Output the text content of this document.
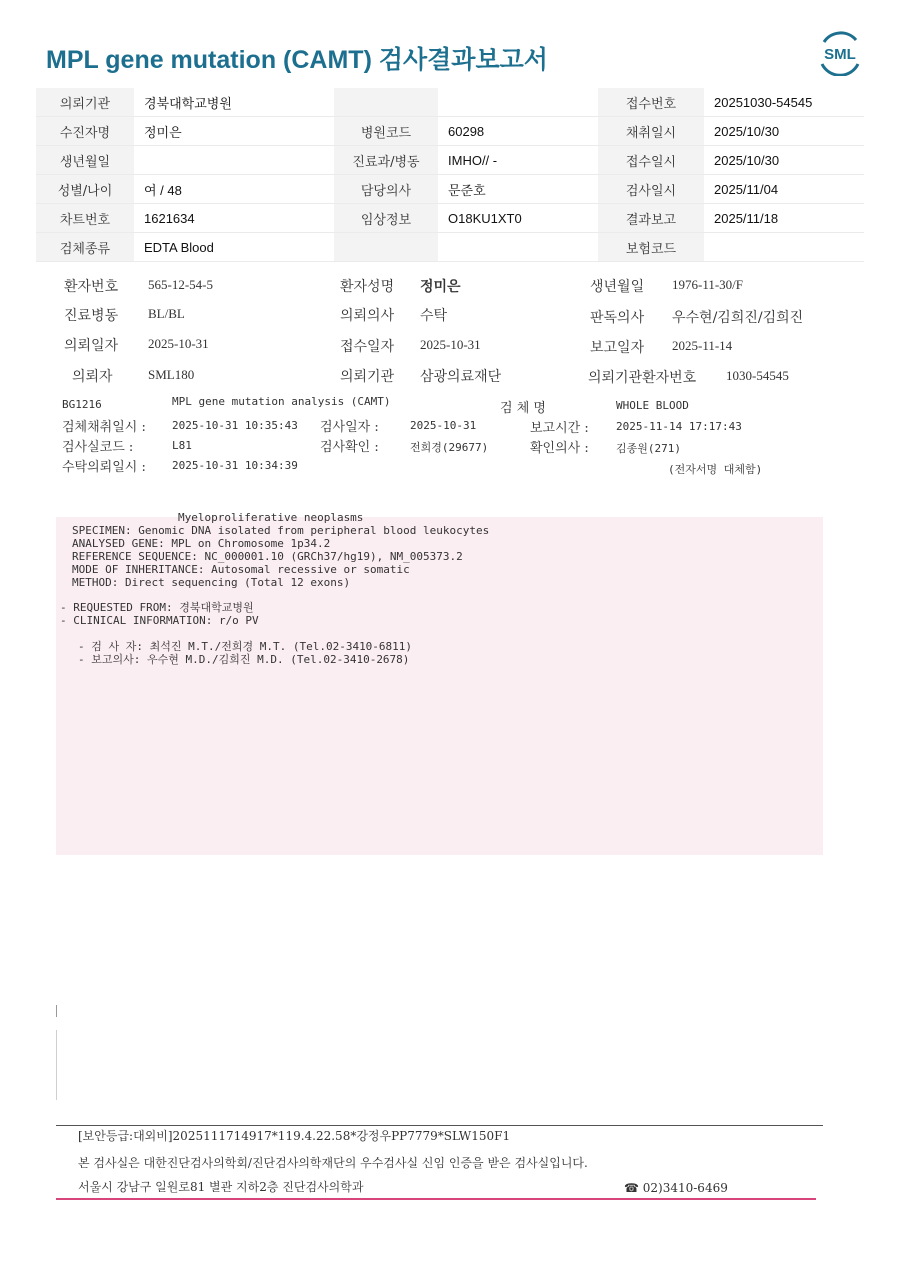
MPL gene mutation (CAMT) 검사결과보고서	SML
의뢰기관	경북대학교병원			접수번호	20251030-54545
수진자명	정미은	병원코드	60298	채취일시	2025/10/30
생년월일		진료과/병동	IMHO// -	접수일시	2025/10/30
성별/나이	여 / 48	담당의사	문준호	검사일시	2025/11/04
차트번호	1621634	임상정보	O18KU1XT0	결과보고	2025/11/18
검체종류	EDTA Blood			보험코드	
환자번호 565-12-54-5	환자성명 정미은	생년월일 1976-11-30/F
진료병동 BL/BL	의뢰의사 수탁	판독의사 우수현/김희진/김희진
의뢰일자 2025-10-31	접수일자 2025-10-31	보고일자 2025-11-14
의뢰자	SML180	의뢰기관 삼광의료재단	의뢰기관환자번호 1030-54545
BG1216	MPL gene mutation analysis (CAMT)	검 체 명	WHOLE BLOOD
검체채취일시 : 2025-10-31 10:35:43 검사일자 :	2025-10-31	보고시간 : 2025-11-14 17:17:43
검사실코드 :	L81	검사확인 :	전희경(29677)	확인의사 : 김종원(271)
수탁의뢰일시 : 2025-10-31 10:34:39	(전자서명 대체함)
Myeloproliferative neoplasms
SPECIMEN: Genomic DNA isolated from peripheral blood leukocytes
ANALYSED GENE: MPL on Chromosome 1p34.2
REFERENCE SEQUENCE: NC_000001.10 (GRCh37/hg19), NM_005373.2
MODE OF INHERITANCE: Autosomal recessive or somatic
METHOD: Direct sequencing (Total 12 exons)
- REQUESTED FROM: 경북대학교병원
- CLINICAL INFORMATION: r/o PV
- 검 사 자: 최석진 M.T./전희경 M.T. (Tel.02-3410-6811)
- 보고의사: 우수현 M.D./김희진 M.D. (Tel.02-3410-2678)
[보안등급:대외비]2025111714917*119.4.22.58*강정우PP7779*SLW150F1
본 검사실은 대한진단검사의학회/진단검사의학재단의 우수검사실 신임 인증을 받은 검사실입니다.
서울시 강남구 일원로81 별관 지하2층 진단검사의학과	☎ 02)3410-6469
